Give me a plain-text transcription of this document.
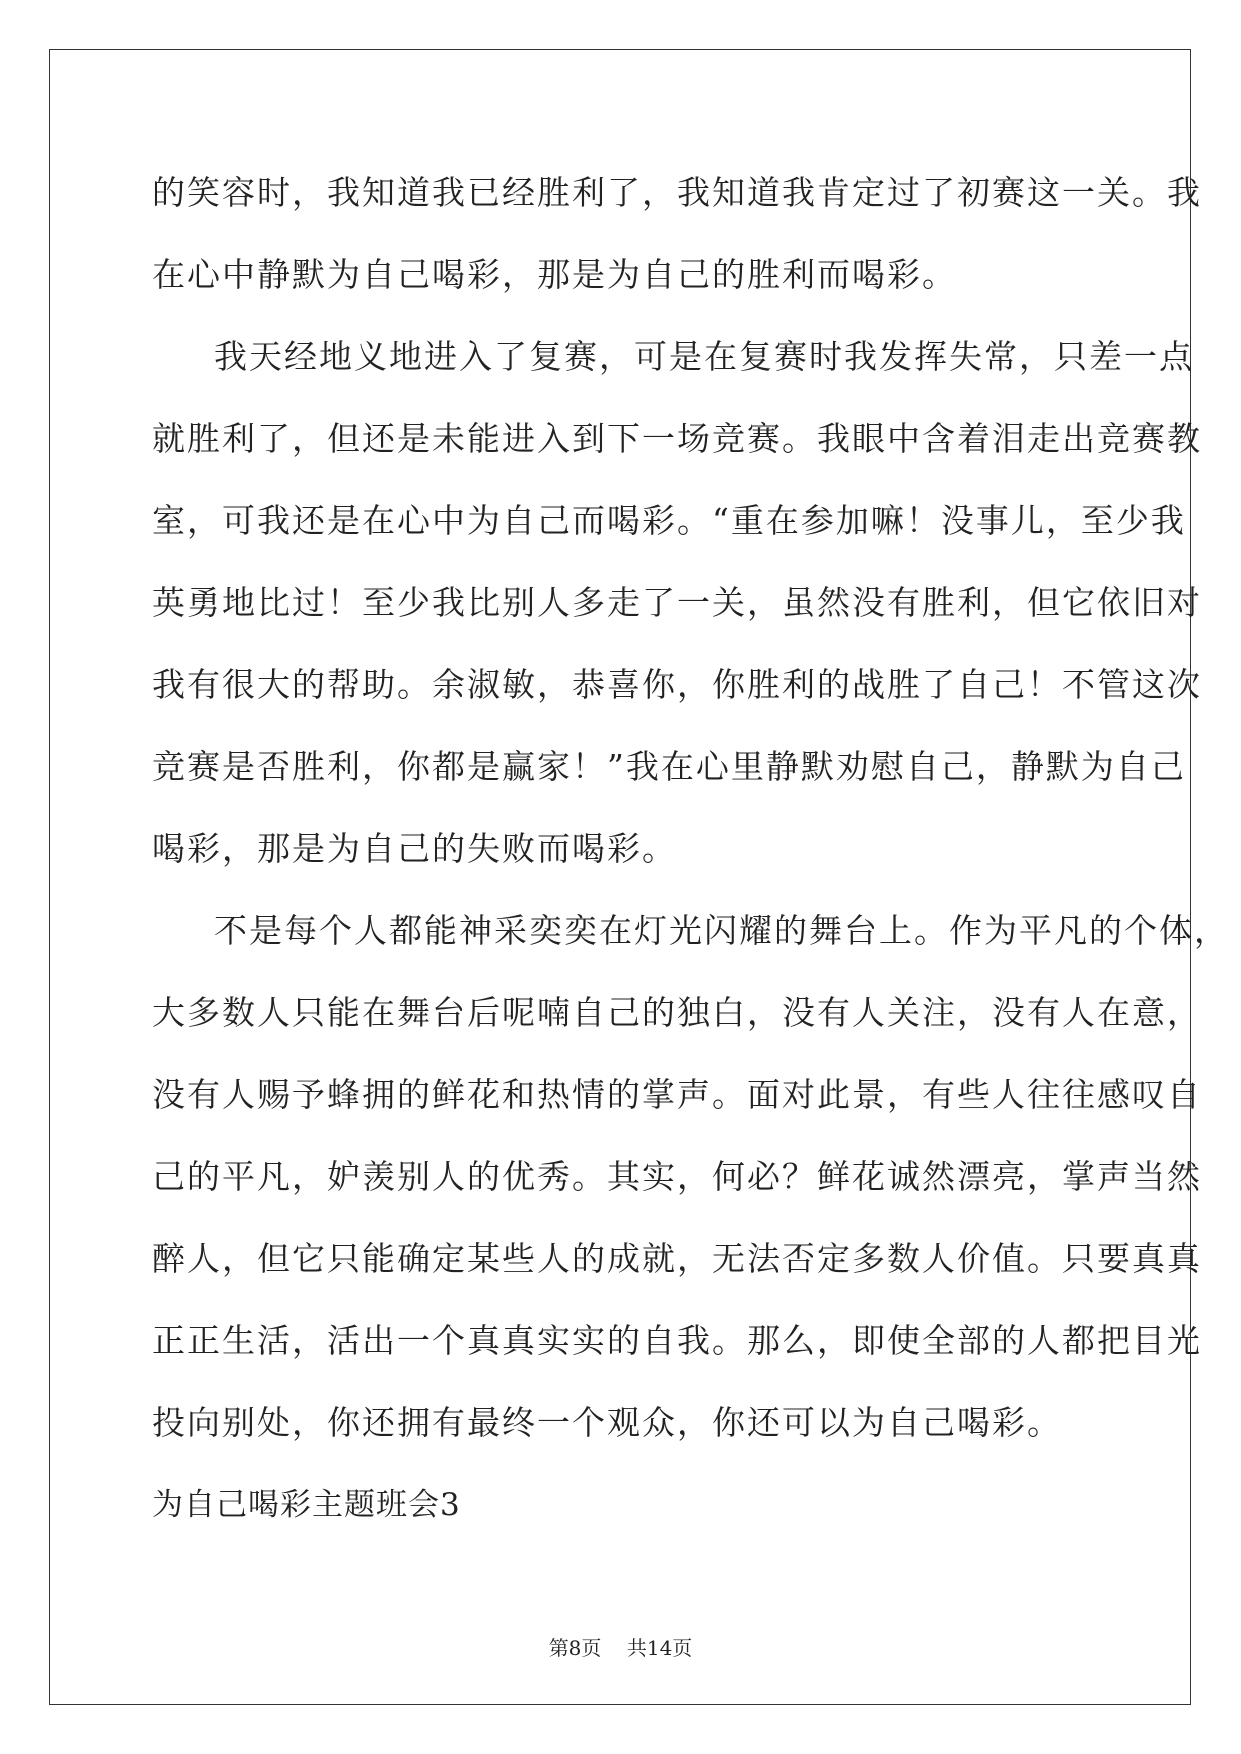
的笑容时，我知道我已经胜利了，我知道我肯定过了初赛这一关。我
在心中静默为自己喝彩，那是为自己的胜利而喝彩。
我天经地义地进入了复赛，可是在复赛时我发挥失常，只差一点
就胜利了，但还是未能进入到下一场竞赛。我眼中含着泪走出竞赛教
室，可我还是在心中为自己而喝彩。“重在参加嘛！没事儿，至少我
英勇地比过！至少我比别人多走了一关，虽然没有胜利，但它依旧对
我有很大的帮助。余淑敏，恭喜你，你胜利的战胜了自己！不管这次
竞赛是否胜利，你都是赢家！”我在心里静默劝慰自己，静默为自己
喝彩，那是为自己的失败而喝彩。
不是每个人都能神采奕奕在灯光闪耀的舞台上。作为平凡的个体，
大多数人只能在舞台后呢喃自己的独白，没有人关注，没有人在意，
没有人赐予蜂拥的鲜花和热情的掌声。面对此景，有些人往往感叹自
己的平凡，妒羡别人的优秀。其实，何必？鲜花诚然漂亮，掌声当然
醉人，但它只能确定某些人的成就，无法否定多数人价值。只要真真
正正生活，活出一个真真实实的自我。那么，即使全部的人都把目光
投向别处，你还拥有最终一个观众，你还可以为自己喝彩。
为自己喝彩主题班会3
第8页    共14页
